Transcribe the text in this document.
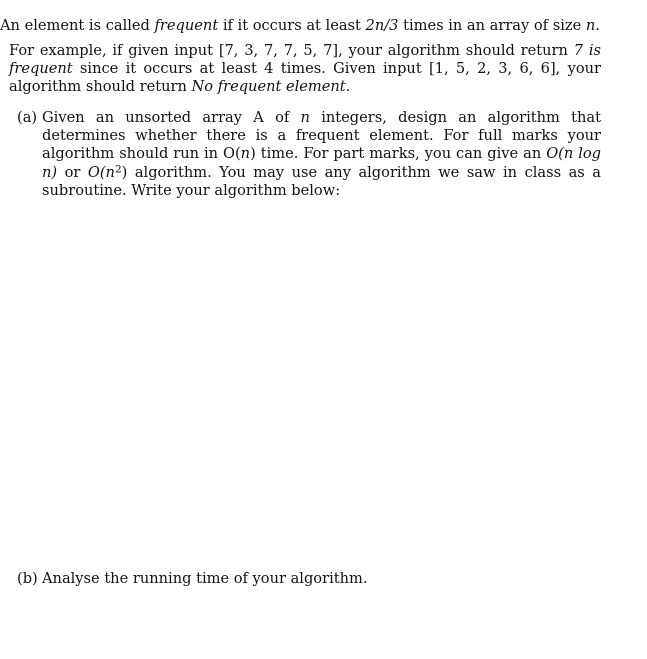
An element is called frequent if it occurs at least 2n/3 times in an array of size n.
For example, if given input [7, 3, 7, 7, 5, 7], your algorithm should return 7 is frequent since it occurs at least 4 times. Given input [1, 5, 2, 3, 6, 6], your algorithm should return No frequent element.
(a) Given an unsorted array A of n integers, design an algorithm that determines whether there is a frequent element. For full marks your algorithm should run in O(n) time. For part marks, you can give an O(n log n) or $O(n^2)$ algorithm. You may use any algorithm we saw in class as a subroutine. Write your algorithm below:
(b) Analyse the running time of your algorithm.
